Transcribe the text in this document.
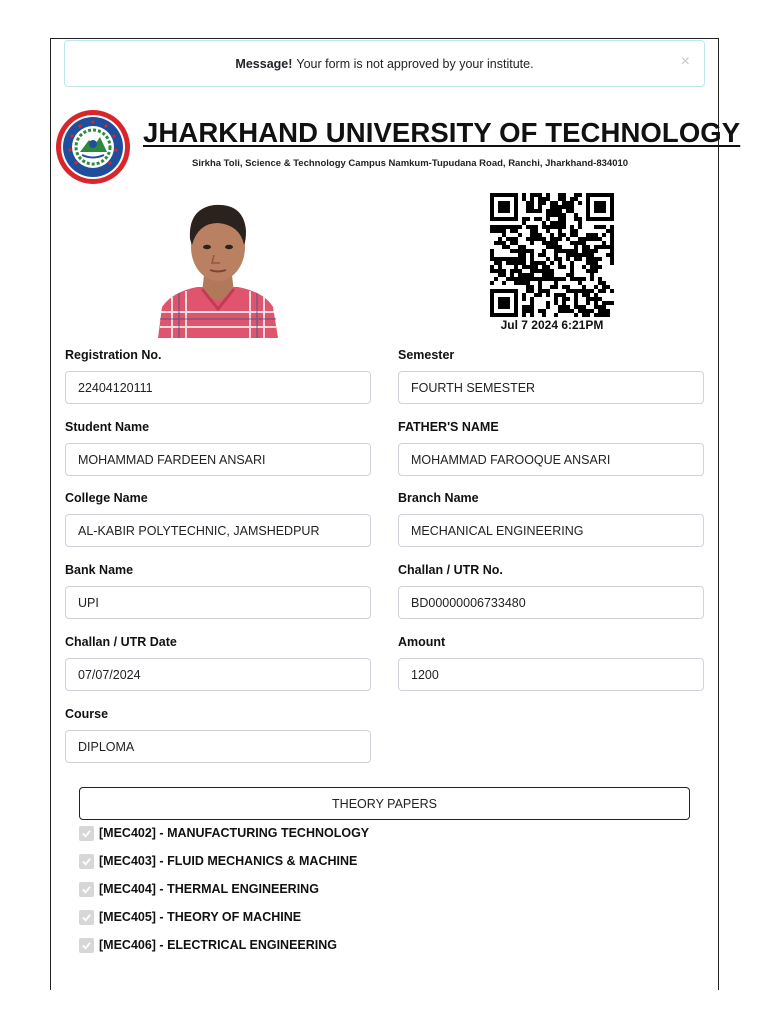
Message! Your form is not approved by your institute.	×
JHARKHAND UNIVERSITY OF TECHNOLOGY
Sirkha Toli, Science & Technology Campus Namkum-Tupudana Road, Ranchi, Jharkhand-834010
Jul 7 2024 6:21PM
Registration No.
22404120111
Semester
FOURTH SEMESTER
Student Name
MOHAMMAD FARDEEN ANSARI
FATHER'S NAME
MOHAMMAD FAROOQUE ANSARI
College Name
AL-KABIR POLYTECHNIC, JAMSHEDPUR
Branch Name
MECHANICAL ENGINEERING
Bank Name
UPI
Challan / UTR No.
BD00000006733480
Challan / UTR Date
07/07/2024
Amount
1200
Course
DIPLOMA
THEORY PAPERS
[MEC402] - MANUFACTURING TECHNOLOGY
[MEC403] - FLUID MECHANICS & MACHINE
[MEC404] - THERMAL ENGINEERING
[MEC405] - THEORY OF MACHINE
[MEC406] - ELECTRICAL ENGINEERING
